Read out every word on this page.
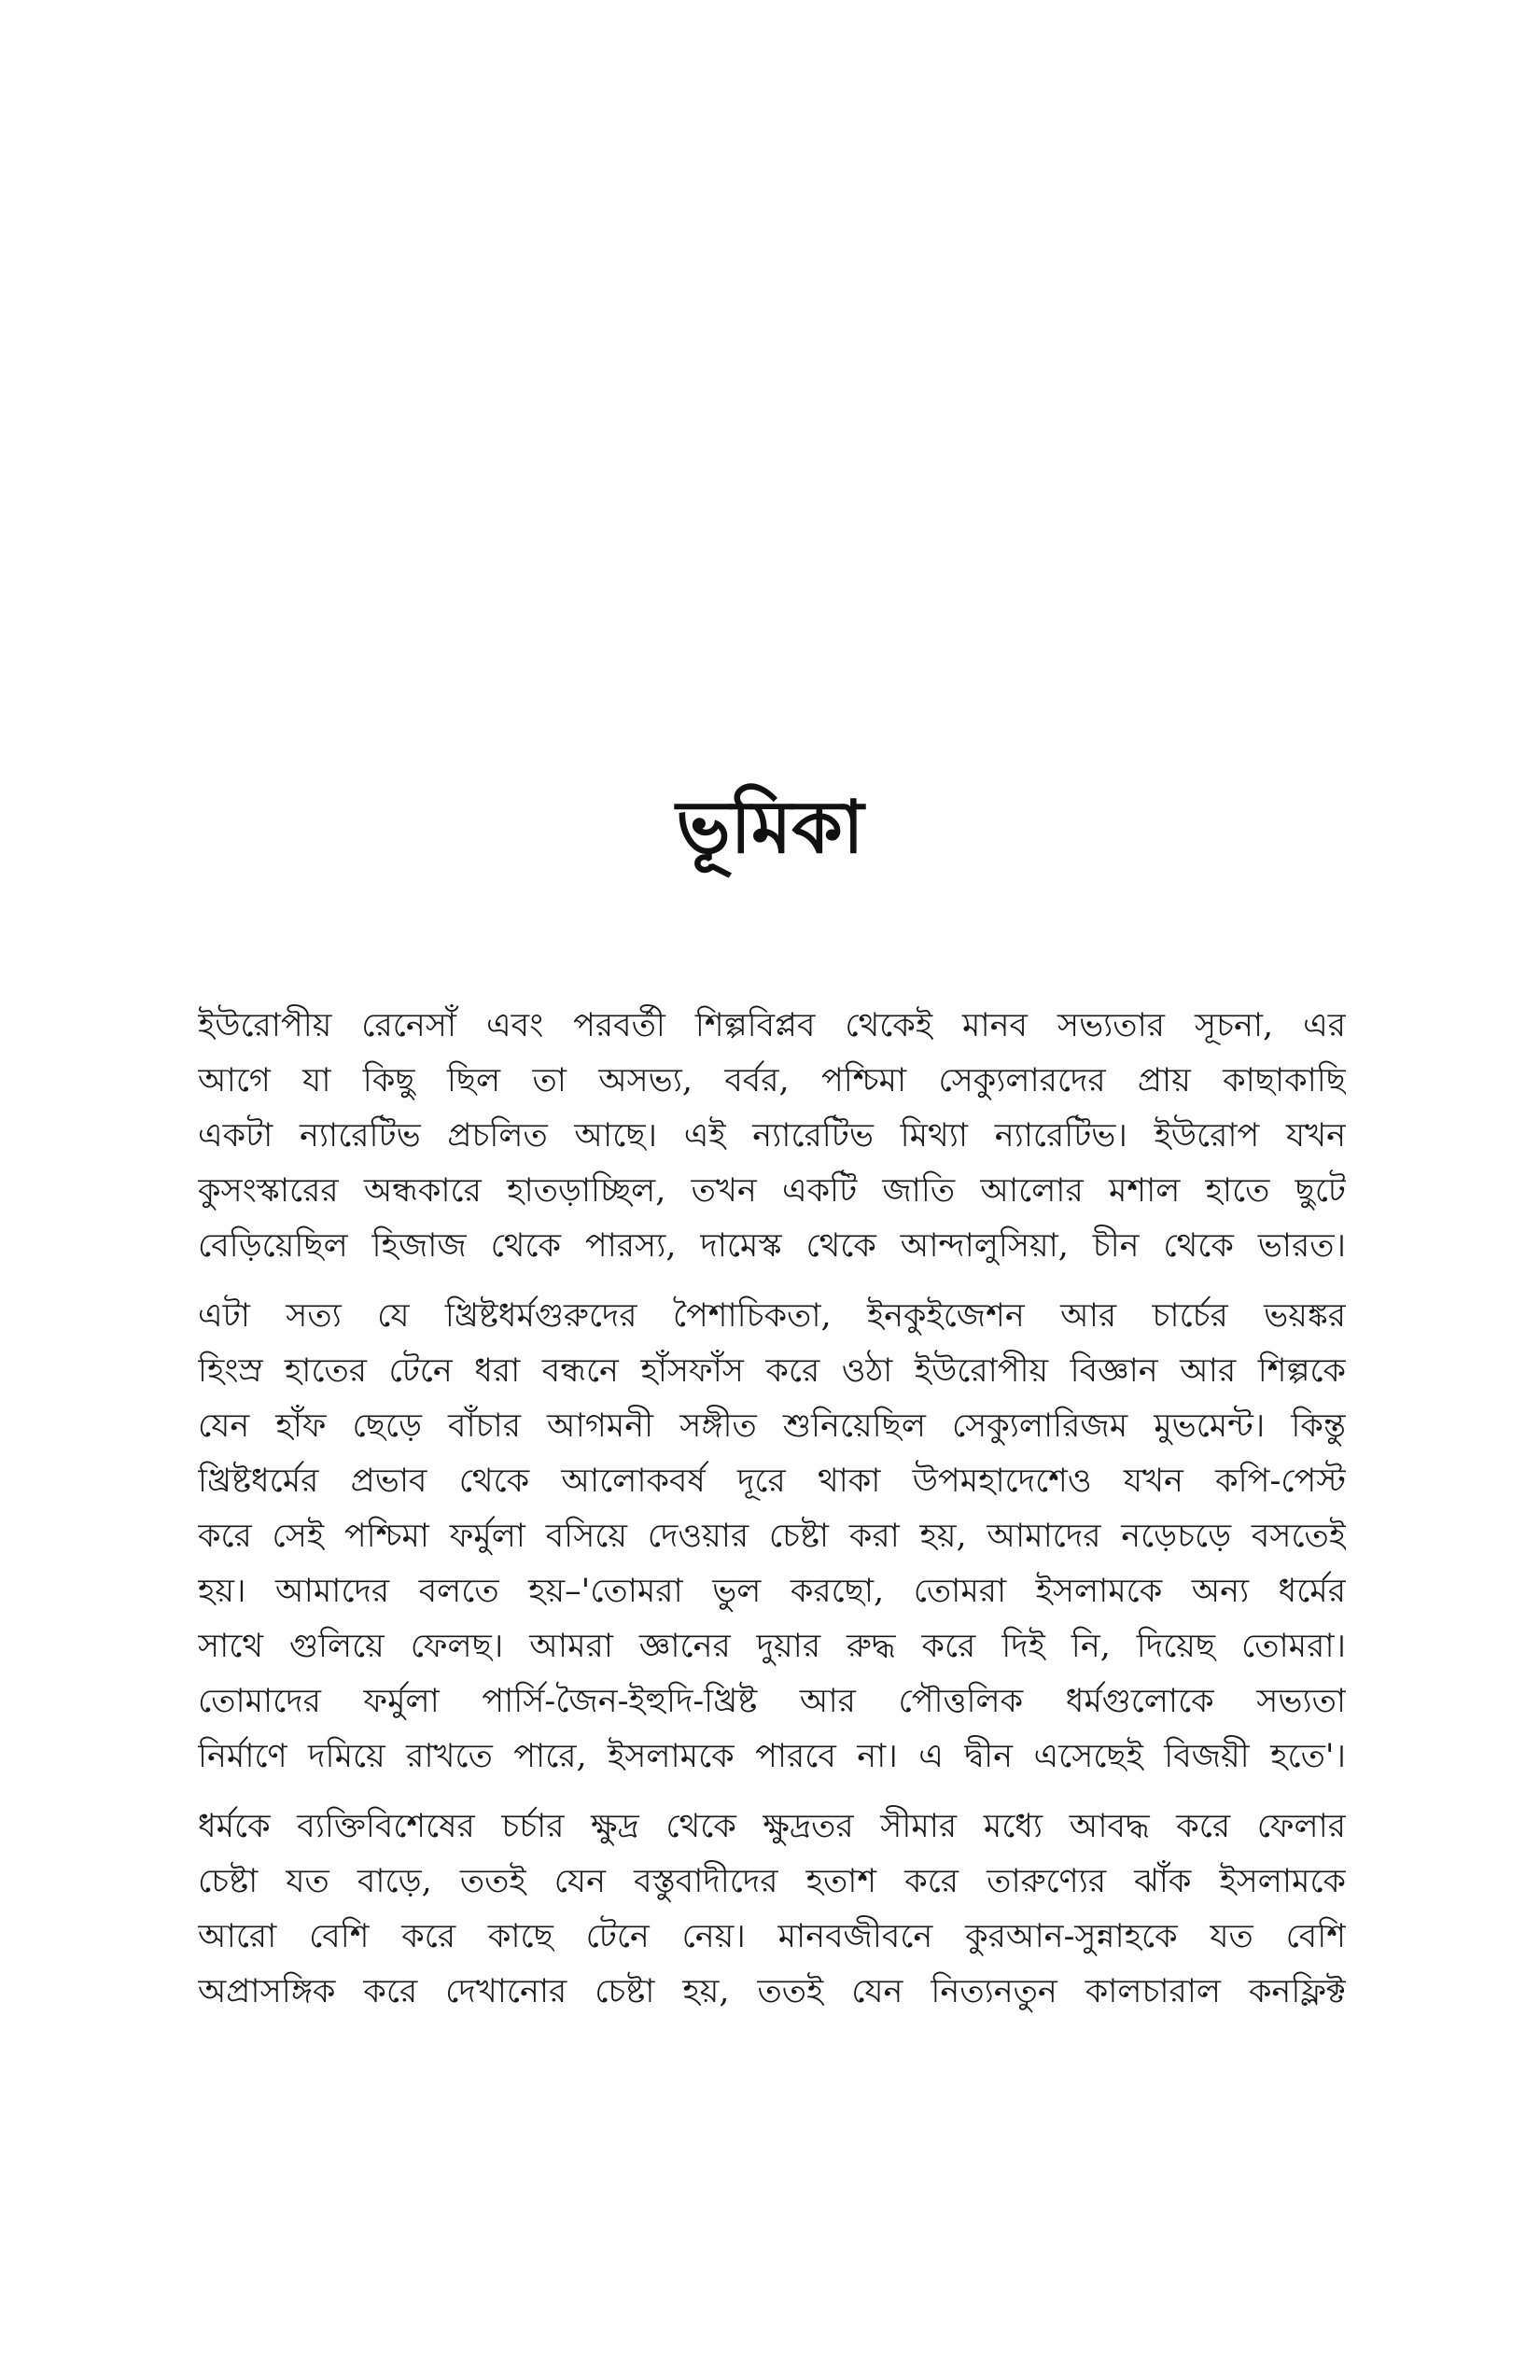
ভূমিকা
ইউরোপীয় রেনেসাঁ এবং পরবর্তী শিল্পবিপ্লব থেকেই মানব সভ্যতার সূচনা, এর
আগে যা কিছু ছিল তা অসভ্য, বর্বর, পশ্চিমা সেক্যুলারদের প্রায় কাছাকাছি
একটা ন্যারেটিভ প্রচলিত আছে। এই ন্যারেটিভ মিথ্যা ন্যারেটিভ। ইউরোপ যখন
কুসংস্কারের অন্ধকারে হাতড়াচ্ছিল, তখন একটি জাতি আলোর মশাল হাতে ছুটে
বেড়িয়েছিল হিজাজ থেকে পারস্য, দামেস্ক থেকে আন্দালুসিয়া, চীন থেকে ভারত।
এটা সত্য যে খ্রিষ্টধর্মগুরুদের পৈশাচিকতা, ইনকুইজেশন আর চার্চের ভয়ঙ্কর
হিংস্র হাতের টেনে ধরা বন্ধনে হাঁসফাঁস করে ওঠা ইউরোপীয় বিজ্ঞান আর শিল্পকে
যেন হাঁফ ছেড়ে বাঁচার আগমনী সঙ্গীত শুনিয়েছিল সেক্যুলারিজম মুভমেন্ট। কিন্তু
খ্রিষ্টধর্মের প্রভাব থেকে আলোকবর্ষ দূরে থাকা উপমহাদেশেও যখন কপি-পেস্ট
করে সেই পশ্চিমা ফর্মুলা বসিয়ে দেওয়ার চেষ্টা করা হয়, আমাদের নড়েচড়ে বসতেই
হয়। আমাদের বলতে হয়–'তোমরা ভুল করছো, তোমরা ইসলামকে অন্য ধর্মের
সাথে গুলিয়ে ফেলছ। আমরা জ্ঞানের দুয়ার রুদ্ধ করে দিই নি, দিয়েছ তোমরা।
তোমাদের ফর্মুলা পার্সি-জৈন-ইহুদি-খ্রিষ্ট আর পৌত্তলিক ধর্মগুলোকে সভ্যতা
নির্মাণে দমিয়ে রাখতে পারে, ইসলামকে পারবে না। এ দ্বীন এসেছেই বিজয়ী হতে'।
ধর্মকে ব্যক্তিবিশেষের চর্চার ক্ষুদ্র থেকে ক্ষুদ্রতর সীমার মধ্যে আবদ্ধ করে ফেলার
চেষ্টা যত বাড়ে, ততই যেন বস্তুবাদীদের হতাশ করে তারুণ্যের ঝাঁক ইসলামকে
আরো বেশি করে কাছে টেনে নেয়। মানবজীবনে কুরআন-সুন্নাহকে যত বেশি
অপ্রাসঙ্গিক করে দেখানোর চেষ্টা হয়, ততই যেন নিত্যনতুন কালচারাল কনফ্লিক্ট
